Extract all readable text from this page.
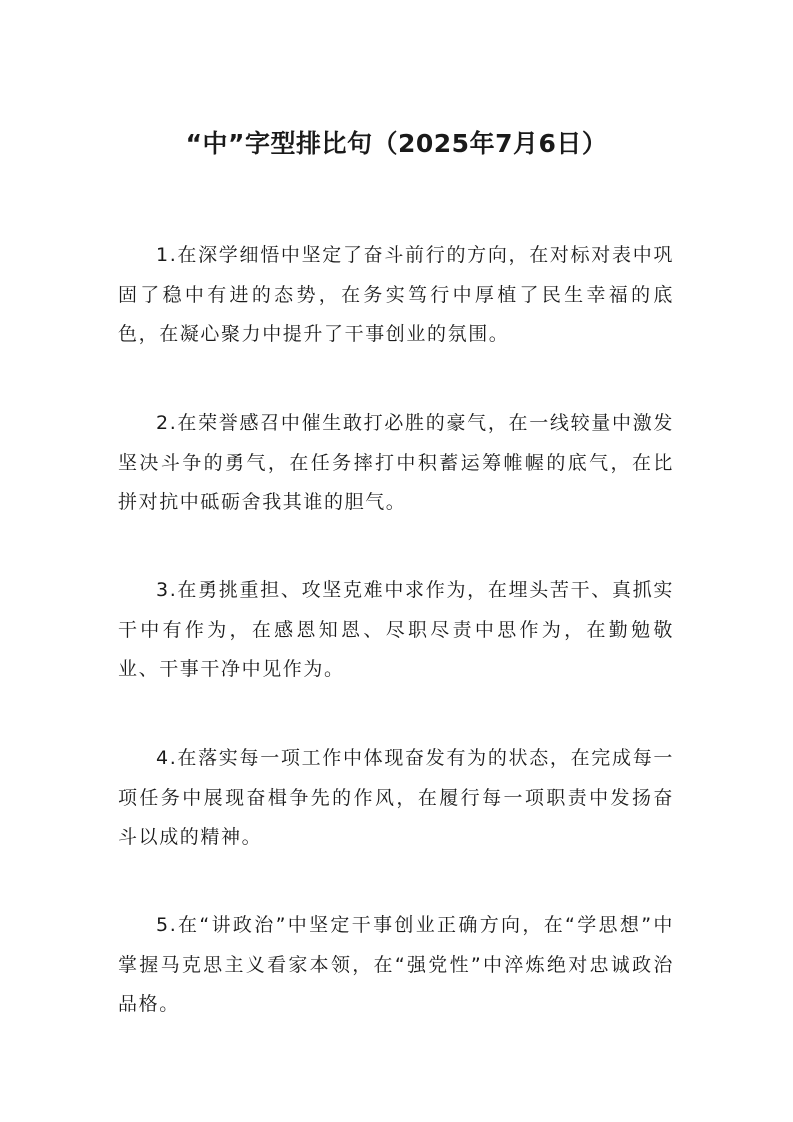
“中”字型排比句（2025年7月6日）

1.在深学细悟中坚定了奋斗前行的方向，在对标对表中巩固了稳中有进的态势，在务实笃行中厚植了民生幸福的底色，在凝心聚力中提升了干事创业的氛围。

2.在荣誉感召中催生敢打必胜的豪气，在一线较量中激发坚决斗争的勇气，在任务摔打中积蓄运筹帷幄的底气，在比拼对抗中砥砺舍我其谁的胆气。

3.在勇挑重担、攻坚克难中求作为，在埋头苦干、真抓实干中有作为，在感恩知恩、尽职尽责中思作为，在勤勉敬业、干事干净中见作为。

4.在落实每一项工作中体现奋发有为的状态，在完成每一项任务中展现奋楫争先的作风，在履行每一项职责中发扬奋斗以成的精神。

5.在“讲政治”中坚定干事创业正确方向，在“学思想”中掌握马克思主义看家本领，在“强党性”中淬炼绝对忠诚政治品格。
